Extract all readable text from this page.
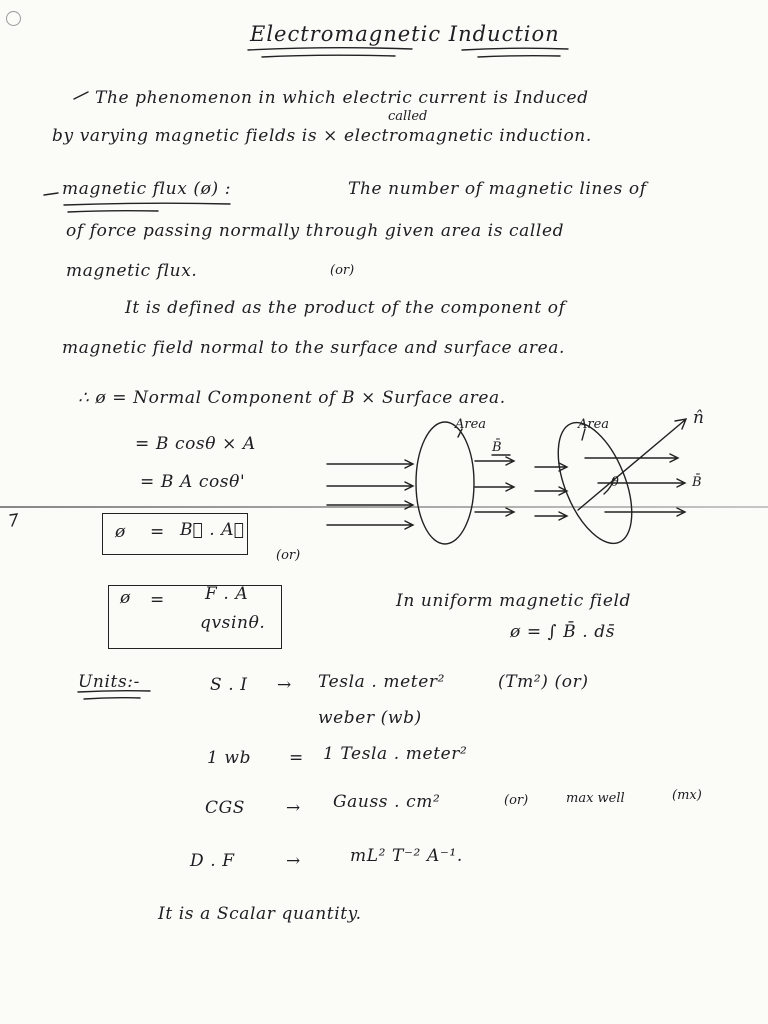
Electromagnetic Induction
The phenomenon in which electric current is Induced
called
by varying magnetic fields is × electromagnetic induction.
magnetic flux (ø) :	The number of magnetic lines of
of force passing normally through given area is called
magnetic flux.	(or)
It is defined as the product of the component of
magnetic field normal to the surface and surface area.
∴ ø = Normal Component of B × Surface area.
= B cosθ × A
= B A cosθ'
Area
B̄
Area	n̂
θ	B̄
ø = B⃗ . A⃗
(or)
ø = F . A
qvsinθ.
In uniform magnetic field
ø = ∫ B̄ . ds̄
Units:-	S . I → Tesla . meter²	(Tm²) (or)
weber (wb)
1 wb = 1 Tesla . meter²
CGS → Gauss . cm²	(or)	max well	(mx)
D . F	→	mL² T⁻² A⁻¹.
It is a Scalar quantity.
